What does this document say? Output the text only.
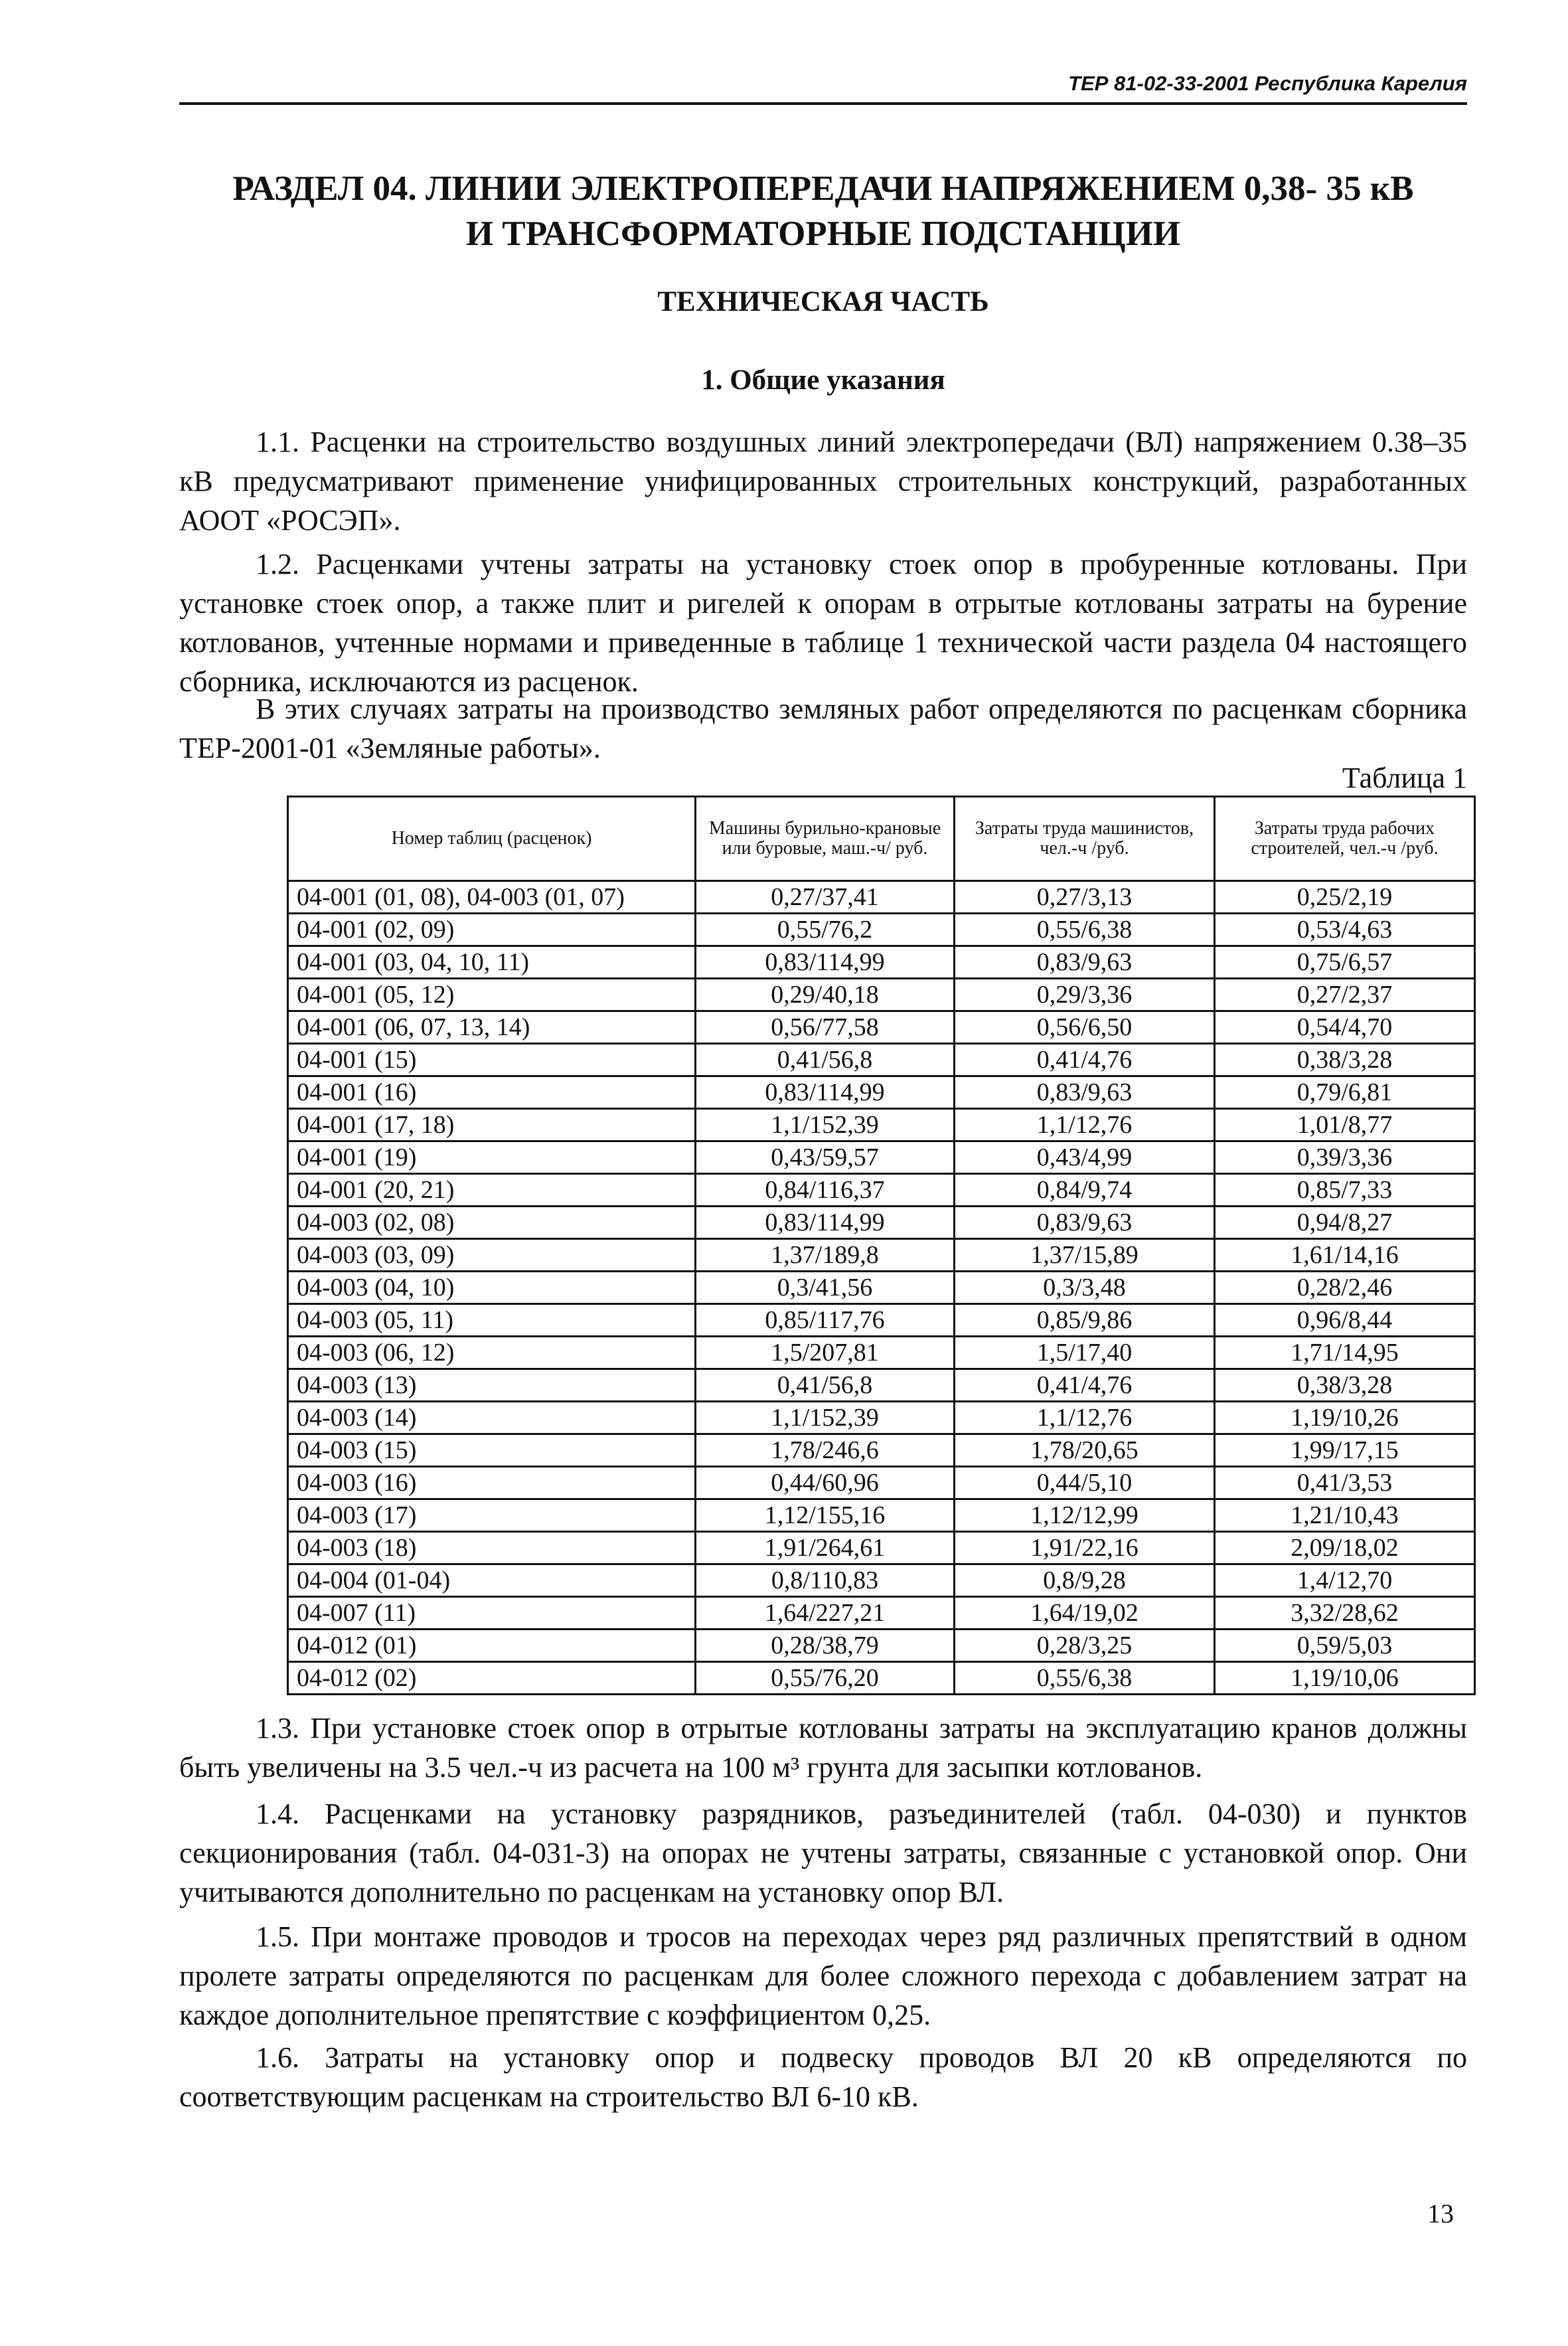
ТЕР 81-02-33-2001 Республика Карелия
РАЗДЕЛ 04. ЛИНИИ ЭЛЕКТРОПЕРЕДАЧИ НАПРЯЖЕНИЕМ 0,38- 35 кВ
И ТРАНСФОРМАТОРНЫЕ ПОДСТАНЦИИ
ТЕХНИЧЕСКАЯ ЧАСТЬ
1. Общие указания
1.1. Расценки на строительство воздушных линий электропередачи (ВЛ) напряжением 0.38–35 кВ предусматривают применение унифицированных строительных конструкций, разработанных АООТ «РОСЭП».
1.2. Расценками учтены затраты на установку стоек опор в пробуренные котлованы. При установке стоек опор, а также плит и ригелей к опорам в отрытые котлованы затраты на бурение котлованов, учтенные нормами и приведенные в таблице 1 технической части раздела 04 настоящего сборника, исключаются из расценок.
В этих случаях затраты на производство земляных работ определяются по расценкам сборника ТЕР-2001-01 «Земляные работы».
Таблица 1
Номер таблиц (расценок)	Машины бурильно-крановые или буровые, маш.-ч/ руб.	Затраты труда машинистов, чел.-ч /руб.	Затраты труда рабочих строителей, чел.-ч /руб.
04-001 (01, 08), 04-003 (01, 07)	0,27/37,41	0,27/3,13	0,25/2,19
04-001 (02, 09)	0,55/76,2	0,55/6,38	0,53/4,63
04-001 (03, 04, 10, 11)	0,83/114,99	0,83/9,63	0,75/6,57
04-001 (05, 12)	0,29/40,18	0,29/3,36	0,27/2,37
04-001 (06, 07, 13, 14)	0,56/77,58	0,56/6,50	0,54/4,70
04-001 (15)	0,41/56,8	0,41/4,76	0,38/3,28
04-001 (16)	0,83/114,99	0,83/9,63	0,79/6,81
04-001 (17, 18)	1,1/152,39	1,1/12,76	1,01/8,77
04-001 (19)	0,43/59,57	0,43/4,99	0,39/3,36
04-001 (20, 21)	0,84/116,37	0,84/9,74	0,85/7,33
04-003 (02, 08)	0,83/114,99	0,83/9,63	0,94/8,27
04-003 (03, 09)	1,37/189,8	1,37/15,89	1,61/14,16
04-003 (04, 10)	0,3/41,56	0,3/3,48	0,28/2,46
04-003 (05, 11)	0,85/117,76	0,85/9,86	0,96/8,44
04-003 (06, 12)	1,5/207,81	1,5/17,40	1,71/14,95
04-003 (13)	0,41/56,8	0,41/4,76	0,38/3,28
04-003 (14)	1,1/152,39	1,1/12,76	1,19/10,26
04-003 (15)	1,78/246,6	1,78/20,65	1,99/17,15
04-003 (16)	0,44/60,96	0,44/5,10	0,41/3,53
04-003 (17)	1,12/155,16	1,12/12,99	1,21/10,43
04-003 (18)	1,91/264,61	1,91/22,16	2,09/18,02
04-004 (01-04)	0,8/110,83	0,8/9,28	1,4/12,70
04-007 (11)	1,64/227,21	1,64/19,02	3,32/28,62
04-012 (01)	0,28/38,79	0,28/3,25	0,59/5,03
04-012 (02)	0,55/76,20	0,55/6,38	1,19/10,06
1.3. При установке стоек опор в отрытые котлованы затраты на эксплуатацию кранов должны быть увеличены на 3.5 чел.-ч из расчета на 100 м³ грунта для засыпки котлованов.
1.4. Расценками на установку разрядников, разъединителей (табл. 04-030) и пунктов секционирования (табл. 04-031-3) на опорах не учтены затраты, связанные с установкой опор. Они учитываются дополнительно по расценкам на установку опор ВЛ.
1.5. При монтаже проводов и тросов на переходах через ряд различных препятствий в одном пролете затраты определяются по расценкам для более сложного перехода с добавлением затрат на каждое дополнительное препятствие с коэффициентом 0,25.
1.6. Затраты на установку опор и подвеску проводов ВЛ 20 кВ определяются по соответствующим расценкам на строительство ВЛ 6-10 кВ.
13
